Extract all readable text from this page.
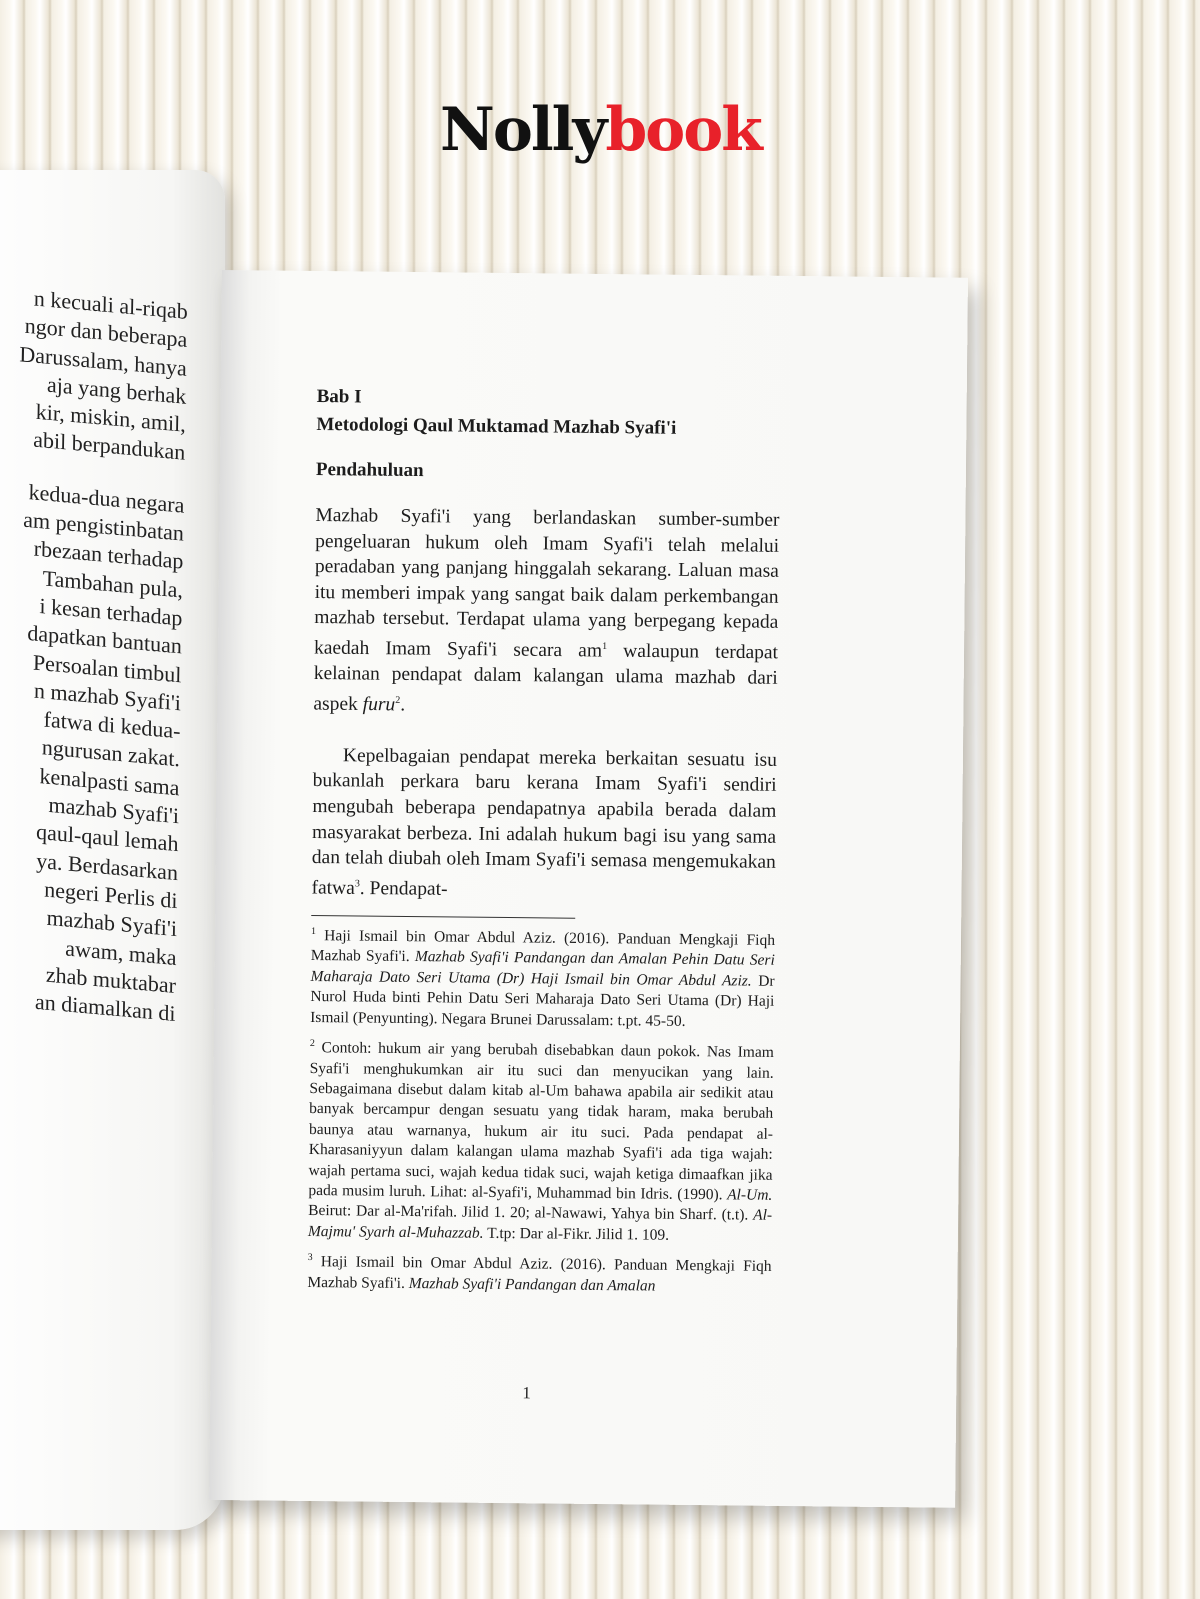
Nollybook
n kecuali al-riqab
ngor dan beberapa
Darussalam, hanya
aja yang berhak
kir, miskin, amil,
abil berpandukan
kedua-dua negara
am pengistinbatan
rbezaan terhadap
Tambahan pula,
i kesan terhadap
dapatkan bantuan
Persoalan timbul
n mazhab Syafi'i
fatwa di kedua-
ngurusan zakat.
kenalpasti sama
mazhab Syafi'i
qaul-qaul lemah
ya. Berdasarkan
negeri Perlis di
mazhab Syafi'i
awam, maka
zhab muktabar
an diamalkan di
Bab I
Metodologi Qaul Muktamad Mazhab Syafi'i
Pendahuluan
Mazhab Syafi'i yang berlandaskan sumber-sumber pengeluaran hukum oleh Imam Syafi'i telah melalui peradaban yang panjang hinggalah sekarang. Laluan masa itu memberi impak yang sangat baik dalam perkembangan mazhab tersebut. Terdapat ulama yang berpegang kepada kaedah Imam Syafi'i secara $am^1$ walaupun terdapat kelainan pendapat dalam kalangan ulama mazhab dari aspek furu$^2$.
Kepelbagaian pendapat mereka berkaitan sesuatu isu bukanlah perkara baru kerana Imam Syafi'i sendiri mengubah beberapa pendapatnya apabila berada dalam masyarakat berbeza. Ini adalah hukum bagi isu yang sama dan telah diubah oleh Imam Syafi'i semasa mengemukakan fatwa$^3$. Pendapat-
$^1$ Haji Ismail bin Omar Abdul Aziz. (2016). Panduan Mengkaji Fiqh Mazhab Syafi'i. Mazhab Syafi'i Pandangan dan Amalan Pehin Datu Seri Maharaja Dato Seri Utama (Dr) Haji Ismail bin Omar Abdul Aziz. Dr Nurol Huda binti Pehin Datu Seri Maharaja Dato Seri Utama (Dr) Haji Ismail (Penyunting). Negara Brunei Darussalam: t.pt. 45-50.
$^2$ Contoh: hukum air yang berubah disebabkan daun pokok. Nas Imam Syafi'i menghukumkan air itu suci dan menyucikan yang lain. Sebagaimana disebut dalam kitab al-Um bahawa apabila air sedikit atau banyak bercampur dengan sesuatu yang tidak haram, maka berubah baunya atau warnanya, hukum air itu suci. Pada pendapat al-Kharasaniyyun dalam kalangan ulama mazhab Syafi'i ada tiga wajah: wajah pertama suci, wajah kedua tidak suci, wajah ketiga dimaafkan jika pada musim luruh. Lihat: al-Syafi'i, Muhammad bin Idris. (1990). Al-Um. Beirut: Dar al-Ma'rifah. Jilid 1. 20; al-Nawawi, Yahya bin Sharf. (t.t). Al-Majmu' Syarh al-Muhazzab. T.tp: Dar al-Fikr. Jilid 1. 109.
$^3$ Haji Ismail bin Omar Abdul Aziz. (2016). Panduan Mengkaji Fiqh Mazhab Syafi'i. Mazhab Syafi'i Pandangan dan Amalan
1
